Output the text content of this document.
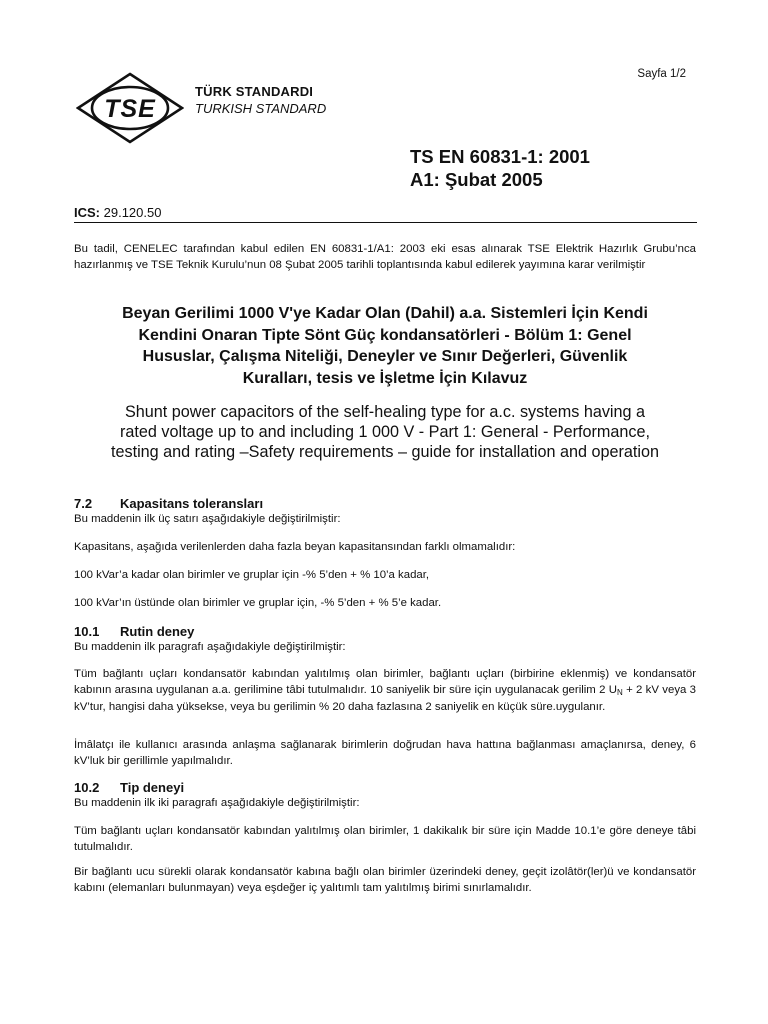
Sayfa 1/2
TSE
TÜRK STANDARDI
TURKISH STANDARD
TS EN 60831-1: 2001
A1: Şubat 2005
ICS: 29.120.50
Bu tadil, CENELEC tarafından kabul edilen EN 60831-1/A1: 2003 eki esas alınarak TSE Elektrik Hazırlık Grubu’nca hazırlanmış ve TSE Teknik Kurulu’nun 08 Şubat 2005 tarihli toplantısında kabul edilerek yayımına karar verilmiştir
Beyan Gerilimi 1000 V'ye Kadar Olan (Dahil) a.a. Sistemleri İçin Kendi
Kendini Onaran Tipte Sönt Güç kondansatörleri - Bölüm 1: Genel
Hususlar, Çalışma Niteliği, Deneyler ve Sınır Değerleri, Güvenlik
Kuralları, tesis ve İşletme İçin Kılavuz
Shunt power capacitors of the self-healing type for a.c. systems having a
rated voltage up to and including 1 000 V - Part 1: General - Performance,
testing and rating –Safety requirements – guide for installation and operation
7.2 Kapasitans toleransları
Bu maddenin ilk üç satırı aşağıdakiyle değiştirilmiştir:
Kapasitans, aşağıda verilenlerden daha fazla beyan kapasitansından farklı olmamalıdır:
100 kVar’a kadar olan birimler ve gruplar için -% 5’den + % 10’a kadar,
100 kVar’ın üstünde olan birimler ve gruplar için, -% 5’den + % 5’e kadar.
10.1 Rutin deney
Bu maddenin ilk paragrafı aşağıdakiyle değiştirilmiştir:
Tüm bağlantı uçları kondansatör kabından yalıtılmış olan birimler, bağlantı uçları (birbirine eklenmiş) ve kondansatör kabının arasına uygulanan a.a. gerilimine tâbi tutulmalıdır. 10 saniyelik bir süre için uygulanacak gerilim 2 $U_N + 2$ kV veya 3 kV’tur, hangisi daha yüksekse, veya bu gerilimin % 20 daha fazlasına 2 saniyelik en küçük süre.uygulanır.
İmâlatçı ile kullanıcı arasında anlaşma sağlanarak birimlerin doğrudan hava hattına bağlanması amaçlanırsa, deney, 6 kV’luk bir gerillimle yapılmalıdır.
10.2 Tip deneyi
Bu maddenin ilk iki paragrafı aşağıdakiyle değiştirilmiştir:
Tüm bağlantı uçları kondansatör kabından yalıtılmış olan birimler, 1 dakikalık bir süre için Madde 10.1’e göre deneye tâbi tutulmalıdır.
Bir bağlantı ucu sürekli olarak kondansatör kabına bağlı olan birimler üzerindeki deney, geçit izolâtör(ler)ü ve kondansatör kabını (elemanları bulunmayan) veya eşdeğer iç yalıtımlı tam yalıtılmış birimi sınırlamalıdır.
